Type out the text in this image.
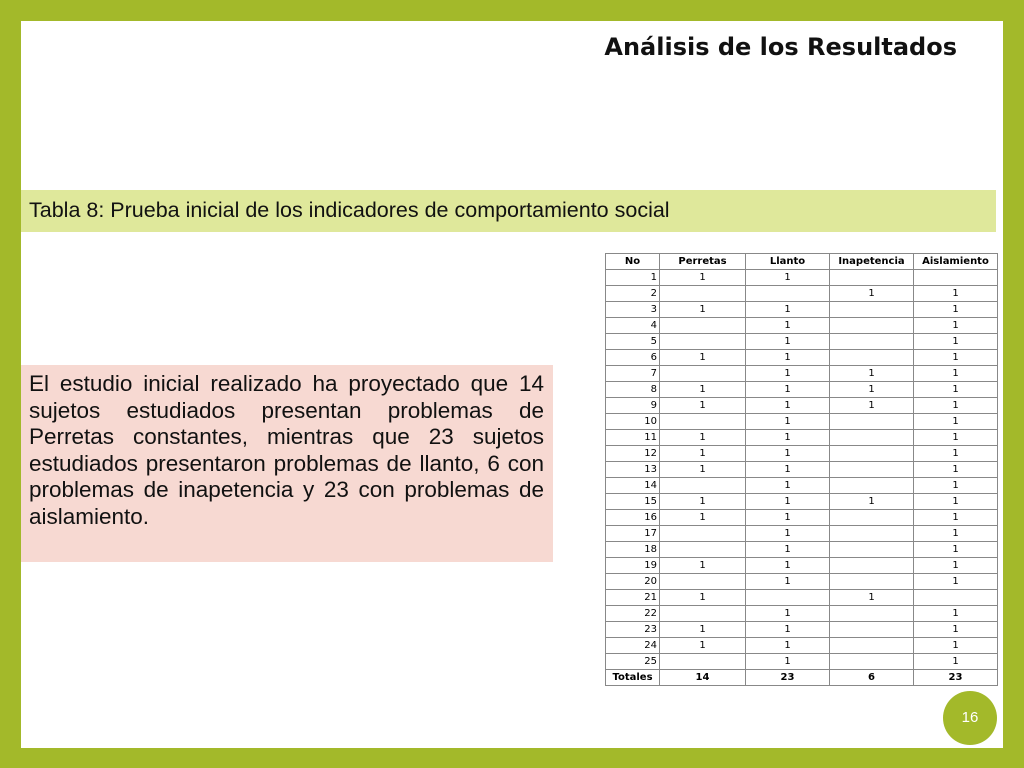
Análisis de los Resultados
Tabla 8: Prueba inicial de los indicadores de comportamiento social

El estudio inicial realizado ha proyectado que 14 sujetos estudiados presentan problemas de Perretas constantes, mientras que 23 sujetos estudiados presentaron problemas de llanto, 6 con problemas de inapetencia y 23 con problemas de aislamiento.

No	Perretas	Llanto	Inapetencia	Aislamiento
1	1	1		
2			1	1
3	1	1		1
4		1		1
5		1		1
6	1	1		1
7		1	1	1
8	1	1	1	1
9	1	1	1	1
10		1		1
11	1	1		1
12	1	1		1
13	1	1		1
14		1		1
15	1	1	1	1
16	1	1		1
17		1		1
18		1		1
19	1	1		1
20		1		1
21	1		1	
22		1		1
23	1	1		1
24	1	1		1
25		1		1
Totales	14	23	6	23
16
